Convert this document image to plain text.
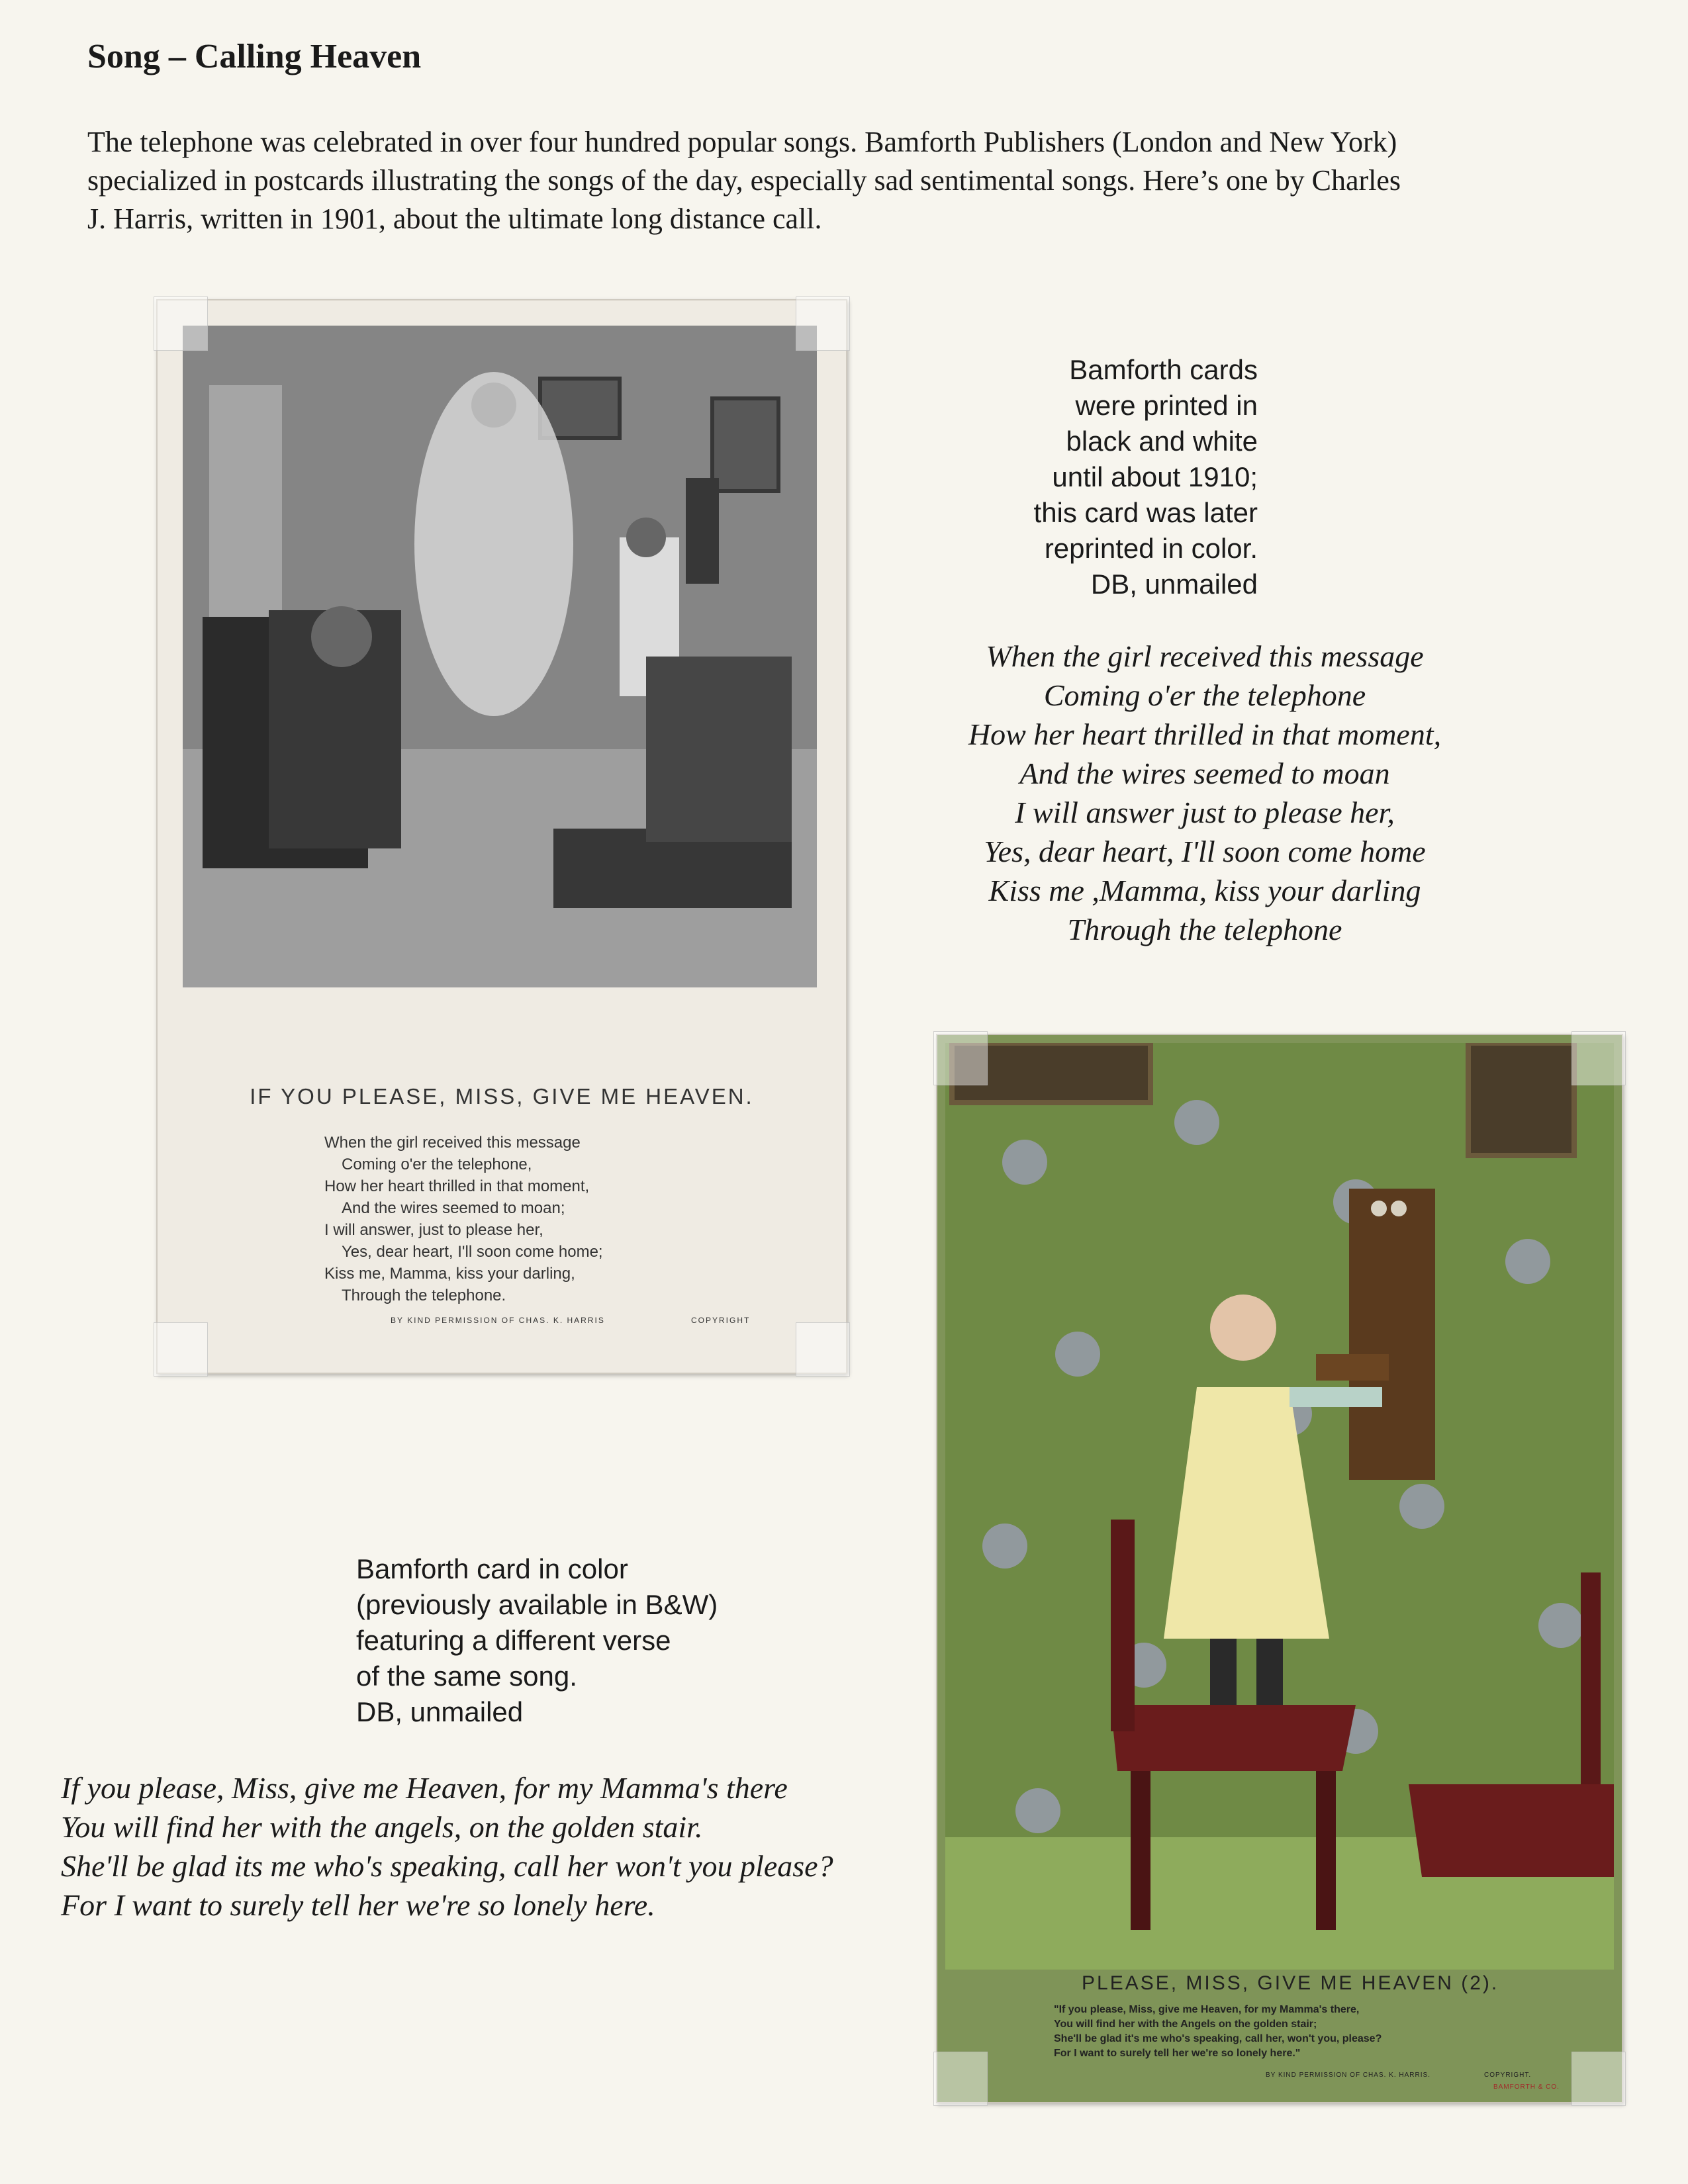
Song – Calling Heaven
The telephone was celebrated in over four hundred popular songs. Bamforth Publishers (London and New York)
specialized in postcards illustrating the songs of the day, especially sad sentimental songs. Here’s one by Charles
J. Harris, written in 1901, about the ultimate long distance call.
IF YOU PLEASE, MISS, GIVE ME HEAVEN.
When the girl received this message
Coming o'er the telephone,
How her heart thrilled in that moment,
And the wires seemed to moan;
I will answer, just to please her,
Yes, dear heart, I'll soon come home;
Kiss me, Mamma, kiss your darling,
Through the telephone.
BY KIND PERMISSION OF CHAS. K. HARRIS	COPYRIGHT
Bamforth cards
were printed in
black and white
until about 1910;
this card was later
reprinted in color.
DB, unmailed
When the girl received this message
Coming o'er the telephone
How her heart thrilled in that moment,
And the wires seemed to moan
I will answer just to please her,
Yes, dear heart, I'll soon come home
Kiss me ,Mamma, kiss your darling
Through the telephone
Bamforth card in color
(previously available in B&W)
featuring a different verse
of the same song.
DB, unmailed
If you please, Miss, give me Heaven, for my Mamma's there
You will find her with the angels, on the golden stair.
She'll be glad its me who's speaking, call her won't you please?
For I want to surely tell her we're so lonely here.
PLEASE, MISS, GIVE ME HEAVEN (2).
"If you please, Miss, give me Heaven, for my Mamma's there,
You will find her with the Angels on the golden stair;
She'll be glad it's me who's speaking, call her, won't you, please?
For I want to surely tell her we're so lonely here."
BY KIND PERMISSION OF CHAS. K. HARRIS.	COPYRIGHT.
BAMFORTH & CO.
